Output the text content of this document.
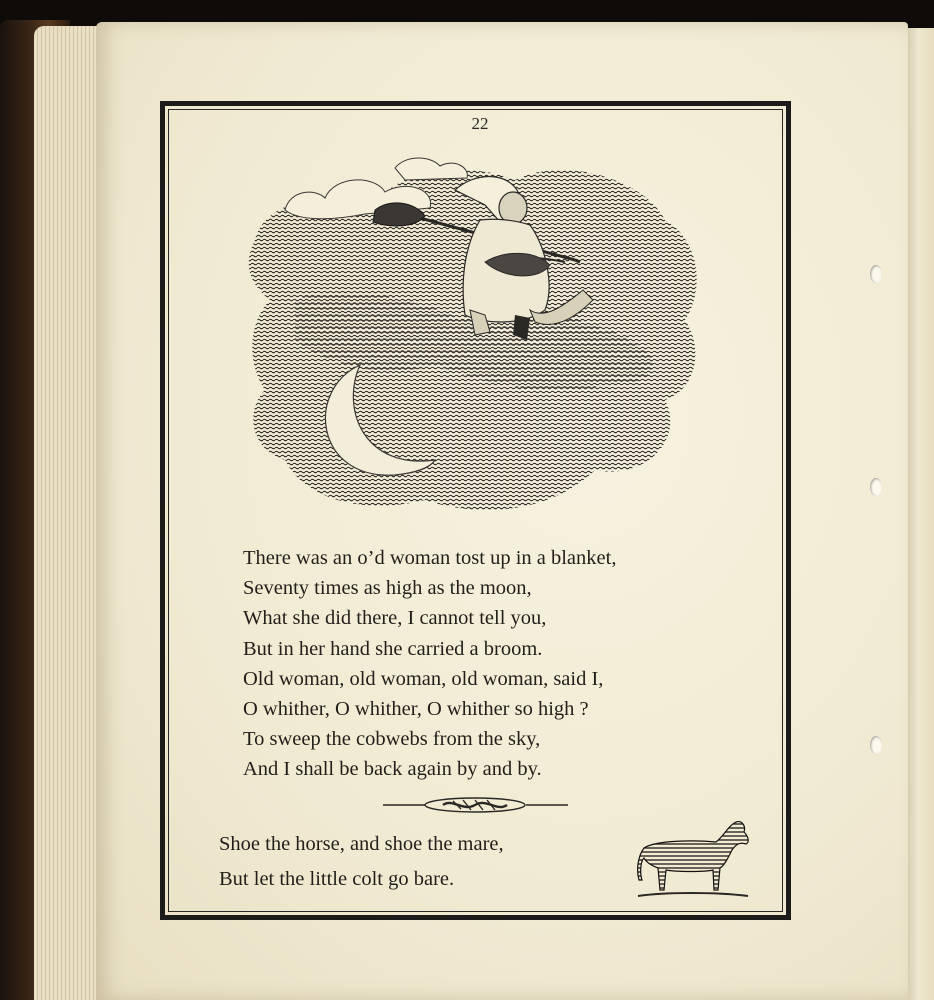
22
There was an o’d woman tost up in a blanket,
Seventy times as high as the moon,
What she did there, I cannot tell you,
But in her hand she carried a broom.
Old woman, old woman, old woman, said I,
O whither, O whither, O whither so high ?
To sweep the cobwebs from the sky,
And I shall be back again by and by.
Shoe the horse, and shoe the mare,
But let the little colt go bare.
